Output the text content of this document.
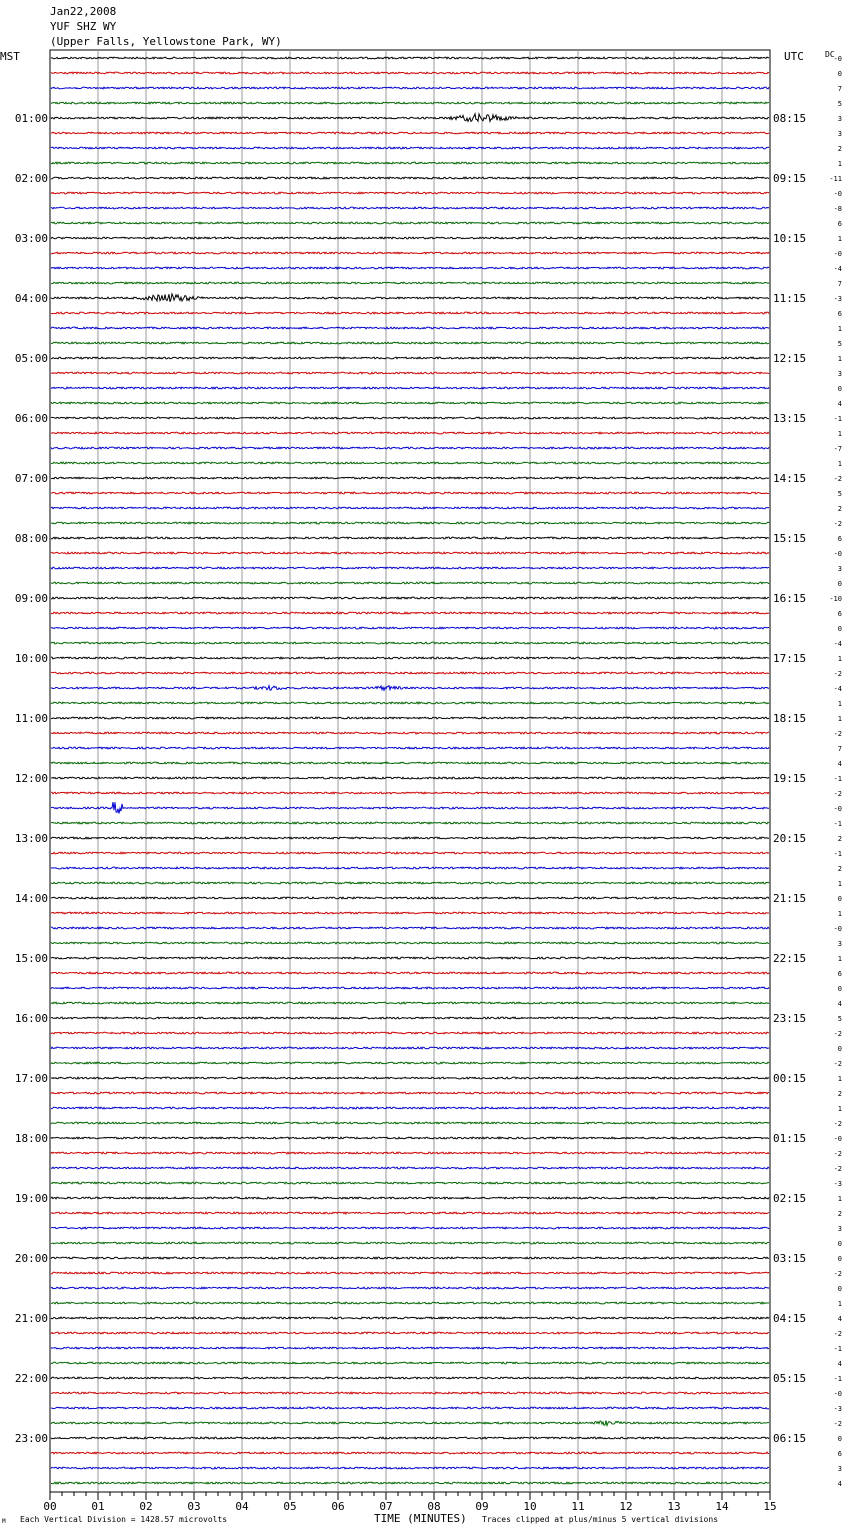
Jan22,2008
YUF SHZ WY
(Upper Falls, Yellowstone Park, WY)
MST	UTC	DC
-0
0
7
5
3
3
2
1
-11
-0
-8
6
1
-0
-4
7
-3
6
1
5
1
3
0
4
-1
1
-7
1
-2
5
2
-2
6
-0
3
0
-10
6
0
-4
1
-2
-4
1
1
-2
7
4
-1
-2
-0
-1
2
-1
2
1
0
1
-0
3
1
6
0
4
5
-2
0
-2
1
2
1
-2
-0
-2
-2
-3
1
2
3
0
0
-2
0
1
4
-2
-1
4
-1
-0
-3
-2
0
6
3
4
01:00
02:00
03:00
04:00
05:00
06:00
07:00
08:00
09:00
10:00
11:00
12:00
13:00
14:00
15:00
16:00
17:00
18:00
19:00
20:00
21:00
22:00
23:00
08:15
09:15
10:15
11:15
12:15
13:15
14:15
15:15
16:15
17:15
18:15
19:15
20:15
21:15
22:15
23:15
00:15
01:15
02:15
03:15
04:15
05:15
06:15
00	01	02	03	04	05	06	07	08	09	10	11	12	13	14	15
M Each Vertical Division = 1428.57 microvolts	TIME (MINUTES) Traces clipped at plus/minus 5 vertical divisions
